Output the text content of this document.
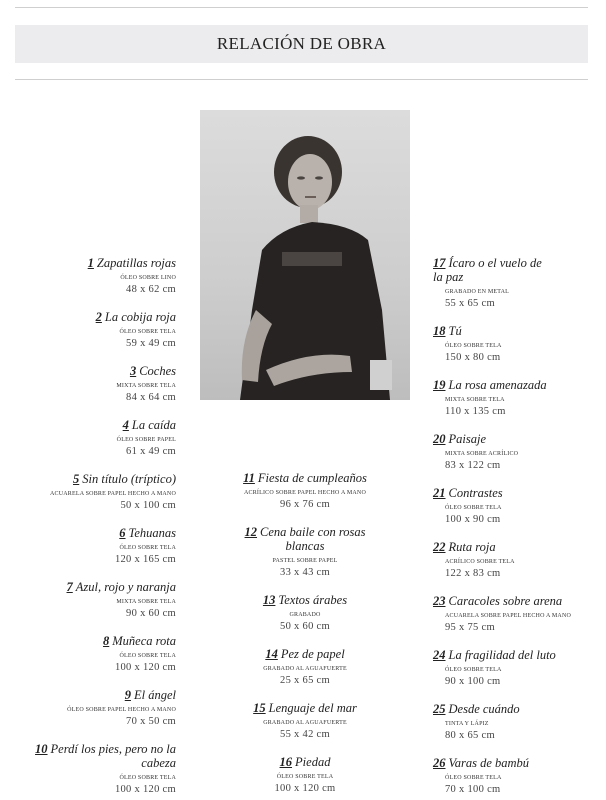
RELACIÓN DE OBRA
1 Zapatillas rojas
ÓLEO SOBRE LINO
48 x 62 cm
2 La cobija roja
ÓLEO SOBRE TELA
59 x 49 cm
3 Coches
MIXTA SOBRE TELA
84 x 64 cm
4 La caída
ÓLEO SOBRE PAPEL
61 x 49 cm
5 Sin título (tríptico)
ACUARELA SOBRE PAPEL HECHO A MANO
50 x 100 cm
6 Tehuanas
ÓLEO SOBRE TELA
120 x 165 cm
7 Azul, rojo y naranja
MIXTA SOBRE TELA
90 x 60 cm
8 Muñeca rota
ÓLEO SOBRE TELA
100 x 120 cm
9 El ángel
ÓLEO SOBRE PAPEL HECHO A MANO
70 x 50 cm
10 Perdí los pies, pero no la cabeza
ÓLEO SOBRE TELA
100 x 120 cm
11 Fiesta de cumpleaños
ACRÍLICO SOBRE PAPEL HECHO A MANO
96 x 76 cm
12 Cena baile con rosas blancas
PASTEL SOBRE PAPEL
33 x 43 cm
13 Textos árabes
GRABADO
50 x 60 cm
14 Pez de papel
GRABADO AL AGUAFUERTE
25 x 65 cm
15 Lenguaje del mar
GRABADO AL AGUAFUERTE
55 x 42 cm
16 Piedad
ÓLEO SOBRE TELA
100 x 120 cm
17 Ícaro o el vuelo de la paz
GRABADO EN METAL
55 x 65 cm
18 Tú
ÓLEO SOBRE TELA
150 x 80 cm
19 La rosa amenazada
MIXTA SOBRE TELA
110 x 135 cm
20 Paisaje
MIXTA SOBRE ACRÍLICO
83 x 122 cm
21 Contrastes
ÓLEO SOBRE TELA
100 x 90 cm
22 Ruta roja
ACRÍLICO SOBRE TELA
122 x 83 cm
23 Caracoles sobre arena
ACUARELA SOBRE PAPEL HECHO A MANO
95 x 75 cm
24 La fragilidad del luto
ÓLEO SOBRE TELA
90 x 100 cm
25 Desde cuándo
TINTA Y LÁPIZ
80 x 65 cm
26 Varas de bambú
ÓLEO SOBRE TELA
70 x 100 cm
